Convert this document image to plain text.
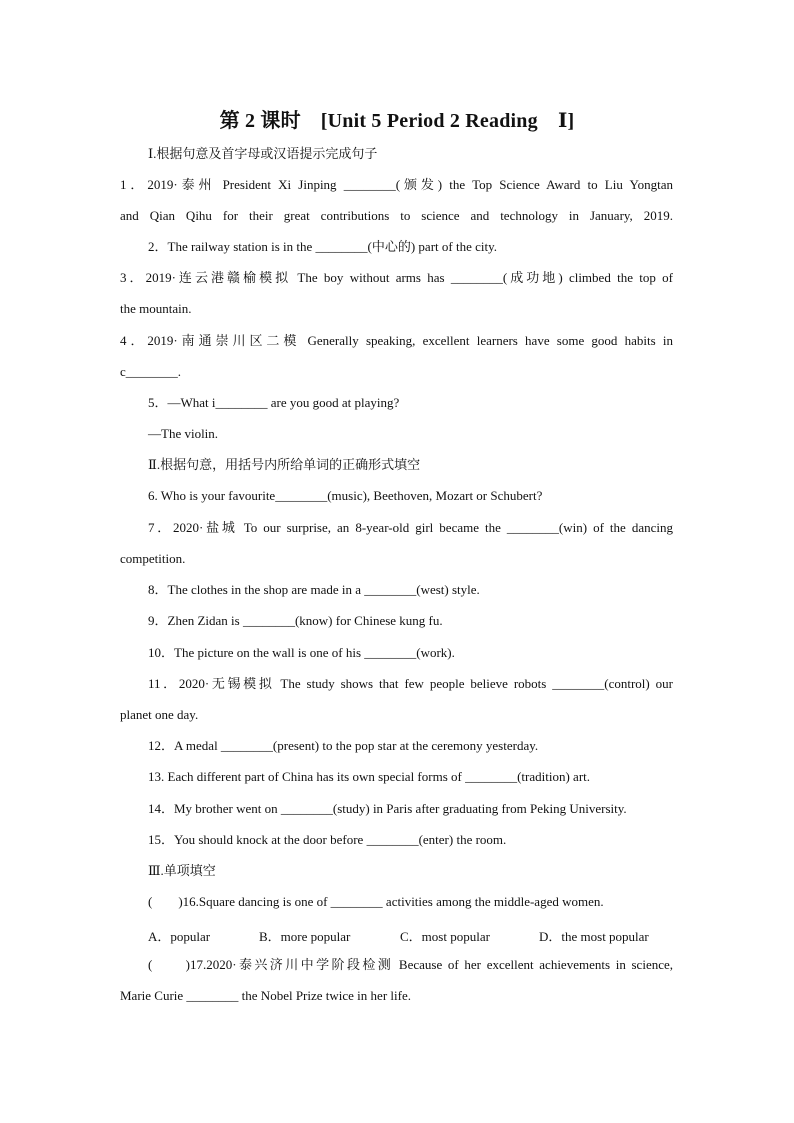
第 2 课时 [Unit 5 Period 2 Reading　Ⅰ]
Ⅰ.根据句意及首字母或汉语提示完成句子
1．2019·泰州 President Xi Jinping ________(颁发) the Top Science Award to Liu Yongtan
and Qian Qihu for their great contributions to science and technology in January, 2019.
2．The railway station is in the ________(中心的) part of the city.
3．2019·连云港赣榆模拟 The boy without arms has ________(成功地) climbed the top of
the mountain.
4．2019·南通崇川区二模 Generally speaking, excellent learners have some good habits in
c________.
5．—What i________ are you good at playing?
—The violin.
Ⅱ.根据句意，用括号内所给单词的正确形式填空
6. Who is your favourite________(music), Beethoven, Mozart or Schubert?
7．2020·盐城 To our surprise, an 8-year-old girl became the ________(win) of the dancing
competition.
8．The clothes in the shop are made in a ________(west) style.
9．Zhen Zidan is ________(know) for Chinese kung fu.
10．The picture on the wall is one of his ________(work).
11．2020·无锡模拟 The study shows that few people believe robots ________(control) our
planet one day.
12．A medal ________(present) to the pop star at the ceremony yesterday.
13. Each different part of China has its own special forms of ________(tradition) art.
14．My brother went on ________(study) in Paris after graduating from Peking University.
15．You should knock at the door before ________(enter) the room.
Ⅲ.单项填空
(　　)16.Square dancing is one of ________ activities among the middle-aged women.
A．popular	B．more popular	C．most popular	D．the most popular
(　　)17.2020·泰兴济川中学阶段检测 Because of her excellent achievements in science,
Marie Curie ________ the Nobel Prize twice in her life.
